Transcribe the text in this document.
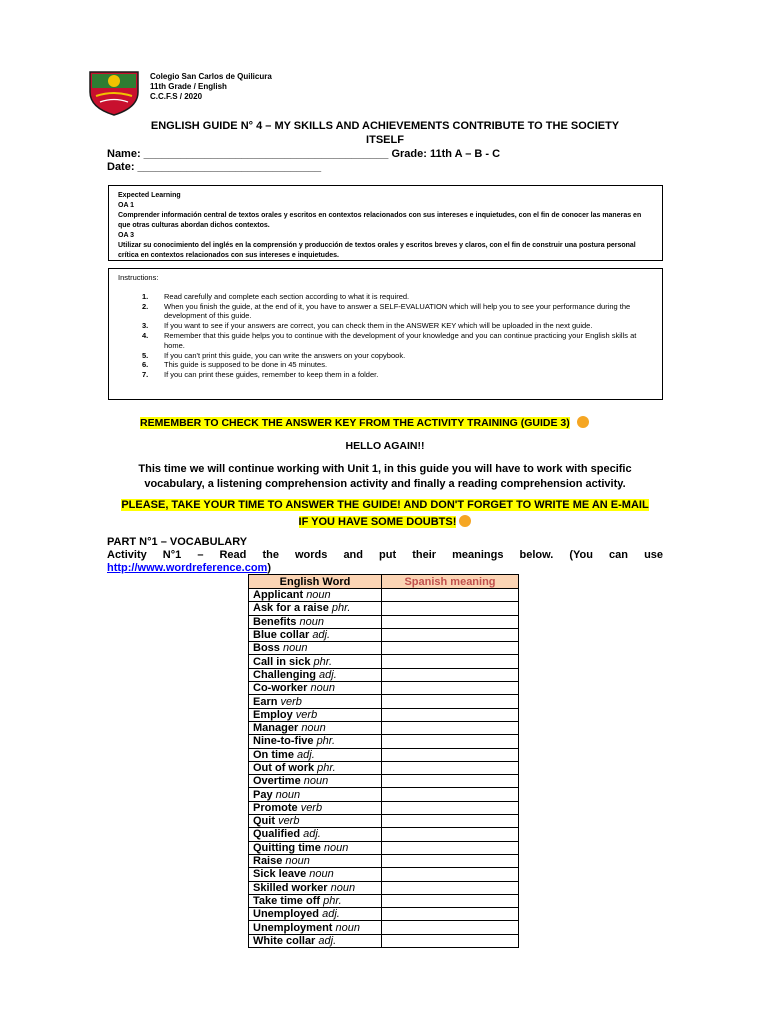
Colegio San Carlos de Quilicura
11th Grade / English
C.C.F.S / 2020
ENGLISH GUIDE N° 4 – MY SKILLS AND ACHIEVEMENTS CONTRIBUTE TO THE SOCIETY ITSELF
Name: ________________________________________ Grade: 11th A – B - C
Date: ______________________________

Expected Learning

OA 1

Comprender información central de textos orales y escritos en contextos relacionados con sus intereses e inquietudes, con el fin de conocer las maneras en que otras culturas abordan dichos contextos.

OA 3

Utilizar su conocimiento del inglés en la comprensión y producción de textos orales y escritos breves y claros, con el fin de construir una postura personal crítica en contextos relacionados con sus intereses e inquietudes.

Instructions:

1. Read carefully and complete each section according to what it is required.
2. When you finish the guide, at the end of it, you have to answer a SELF-EVALUATION which will help you to see your performance during the development of this guide.
3. If you want to see if your answers are correct, you can check them in the ANSWER KEY which will be uploaded in the next guide.
4. Remember that this guide helps you to continue with the development of your knowledge and you can continue practicing your English skills at home.
5. If you can't print this guide, you can write the answers on your copybook.
6. This guide is supposed to be done in 45 minutes.
7. If you can print these guides, remember to keep them in a folder.
REMEMBER TO CHECK THE ANSWER KEY FROM THE ACTIVITY TRAINING (GUIDE 3)
HELLO AGAIN!!
This time we will continue working with Unit 1, in this guide you will have to work with specific vocabulary, a listening comprehension activity and finally a reading comprehension activity.
PLEASE, TAKE YOUR TIME TO ANSWER THE GUIDE! AND DON'T FORGET TO WRITE ME AN E-MAIL
IF YOU HAVE SOME DOUBTS!
PART N°1 – VOCABULARY
Activity N°1 – Read the words and put their meanings below. (You can use
http://www.wordreference.com)
English Word	Spanish meaning
Applicant noun	
Ask for a raise phr.	
Benefits noun	
Blue collar adj.	
Boss noun	
Call in sick phr.	
Challenging adj.	
Co-worker noun	
Earn verb	
Employ verb	
Manager noun	
Nine-to-five phr.	
On time adj.	
Out of work phr.	
Overtime noun	
Pay noun	
Promote verb	
Quit verb	
Qualified adj.	
Quitting time noun	
Raise noun	
Sick leave noun	
Skilled worker noun	
Take time off phr.	
Unemployed adj.	
Unemployment noun	
White collar adj.	
